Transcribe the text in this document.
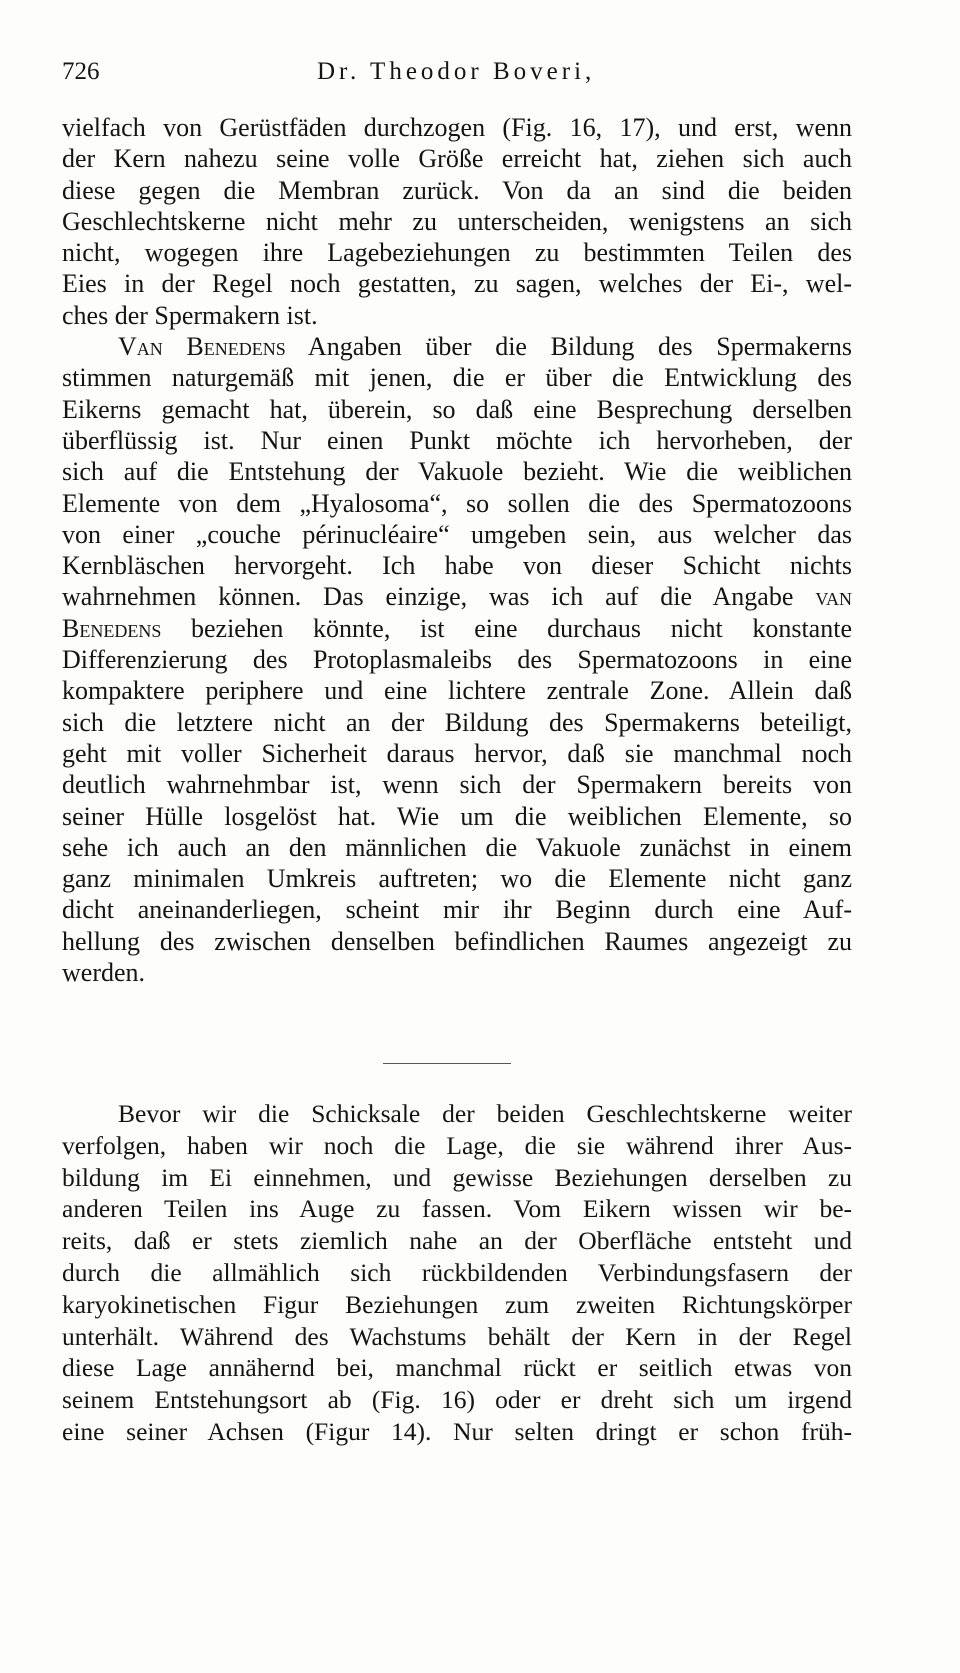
726	Dr. Theodor Boveri,
vielfach von Gerüstfäden durchzogen (Fig. 16, 17), und erst, wenn
der Kern nahezu seine volle Größe erreicht hat, ziehen sich auch
diese gegen die Membran zurück. Von da an sind die beiden
Geschlechtskerne nicht mehr zu unterscheiden, wenigstens an sich
nicht, wogegen ihre Lagebeziehungen zu bestimmten Teilen des
Eies in der Regel noch gestatten, zu sagen, welches der Ei-, wel-
ches der Spermakern ist.
Van Benedens Angaben über die Bildung des Spermakerns
stimmen naturgemäß mit jenen, die er über die Entwicklung des
Eikerns gemacht hat, überein, so daß eine Besprechung derselben
überflüssig ist. Nur einen Punkt möchte ich hervorheben, der
sich auf die Entstehung der Vakuole bezieht. Wie die weiblichen
Elemente von dem „Hyalosoma“, so sollen die des Spermatozoons
von einer „couche périnucléaire“ umgeben sein, aus welcher das
Kernbläschen hervorgeht. Ich habe von dieser Schicht nichts
wahrnehmen können. Das einzige, was ich auf die Angabe van
Benedens beziehen könnte, ist eine durchaus nicht konstante
Differenzierung des Protoplasmaleibs des Spermatozoons in eine
kompaktere periphere und eine lichtere zentrale Zone. Allein daß
sich die letztere nicht an der Bildung des Spermakerns beteiligt,
geht mit voller Sicherheit daraus hervor, daß sie manchmal noch
deutlich wahrnehmbar ist, wenn sich der Spermakern bereits von
seiner Hülle losgelöst hat. Wie um die weiblichen Elemente, so
sehe ich auch an den männlichen die Vakuole zunächst in einem
ganz minimalen Umkreis auftreten; wo die Elemente nicht ganz
dicht aneinanderliegen, scheint mir ihr Beginn durch eine Auf-
hellung des zwischen denselben befindlichen Raumes angezeigt zu
werden.
Bevor wir die Schicksale der beiden Geschlechtskerne weiter
verfolgen, haben wir noch die Lage, die sie während ihrer Aus-
bildung im Ei einnehmen, und gewisse Beziehungen derselben zu
anderen Teilen ins Auge zu fassen. Vom Eikern wissen wir be-
reits, daß er stets ziemlich nahe an der Oberfläche entsteht und
durch die allmählich sich rückbildenden Verbindungsfasern der
karyokinetischen Figur Beziehungen zum zweiten Richtungskörper
unterhält. Während des Wachstums behält der Kern in der Regel
diese Lage annähernd bei, manchmal rückt er seitlich etwas von
seinem Entstehungsort ab (Fig. 16) oder er dreht sich um irgend
eine seiner Achsen (Figur 14). Nur selten dringt er schon früh-
